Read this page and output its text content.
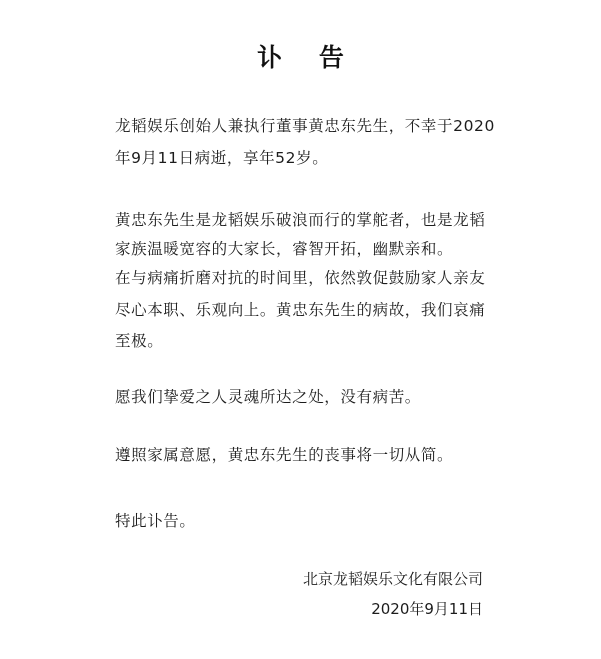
讣 告
龙韬娱乐创始人兼执行董事黄忠东先生，不幸于2020
年9月11日病逝，享年52岁。
黄忠东先生是龙韬娱乐破浪而行的掌舵者，也是龙韬
家族温暖宽容的大家长，睿智开拓，幽默亲和。
在与病痛折磨对抗的时间里，依然敦促鼓励家人亲友
尽心本职、乐观向上。黄忠东先生的病故，我们哀痛
至极。
愿我们挚爱之人灵魂所达之处，没有病苦。
遵照家属意愿，黄忠东先生的丧事将一切从简。
特此讣告。
北京龙韬娱乐文化有限公司
2020年9月11日
